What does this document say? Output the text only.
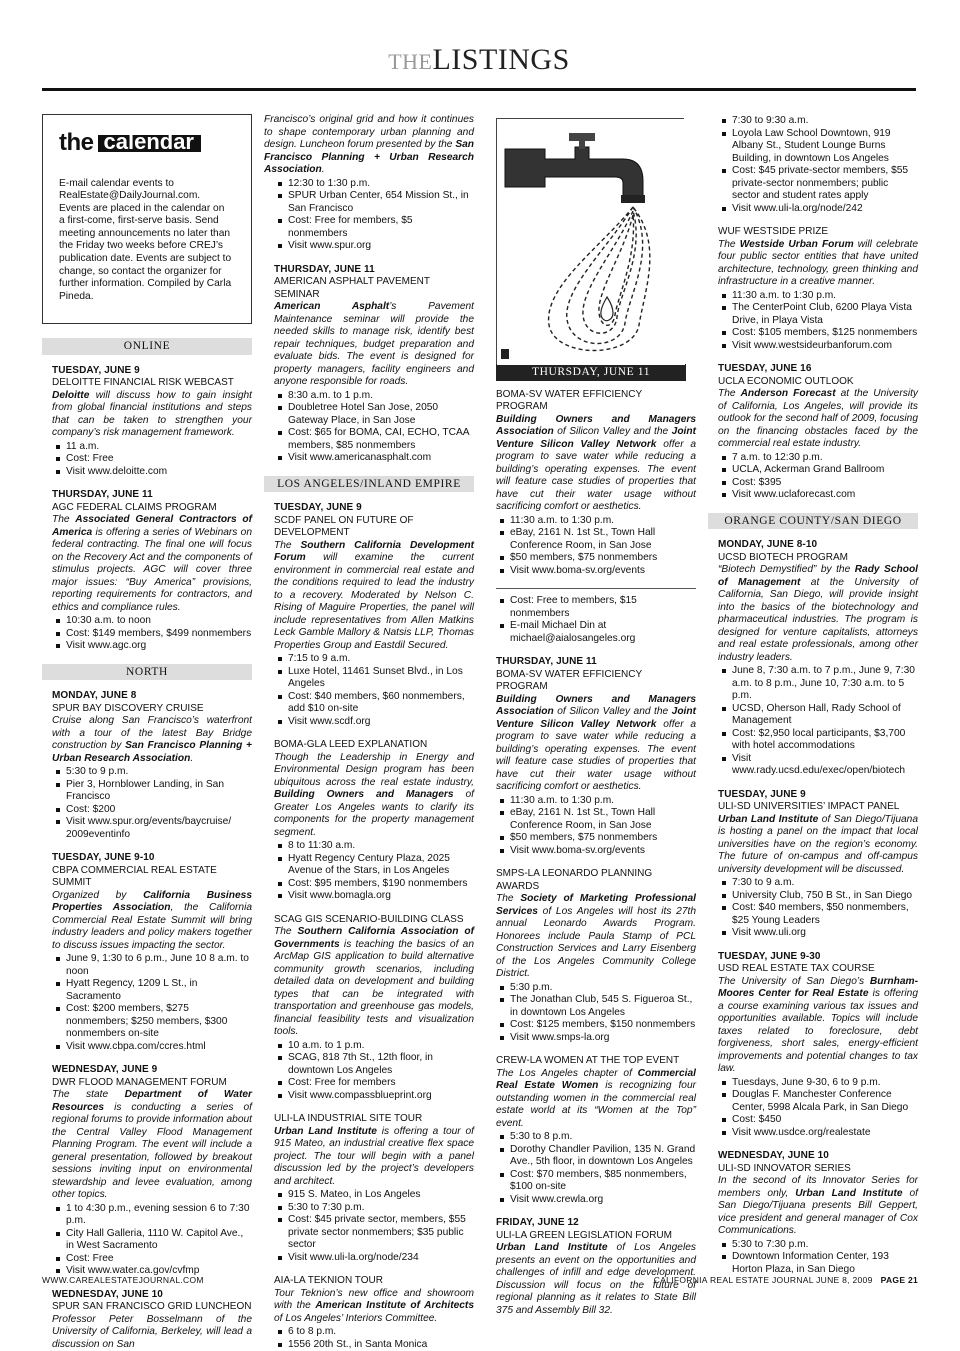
THELISTINGS
the calendar
E-mail calendar events to
RealEstate@DailyJournal.com.
Events are placed in the calendar on
a first-come, first-serve basis. Send
meeting announcements no later than
the Friday two weeks before CREJ’s
publication date. Events are subject to
change, so contact the organizer for
further information. Compiled by Carla
Pineda.
ONLINE
TUESDAY, JUNE 9
DELOITTE FINANCIAL RISK WEBCAST
Deloitte will discuss how to gain insight from global financial institutions and steps that can be taken to strengthen your company’s risk management framework.
11 a.m.
Cost: Free
Visit www.deloitte.com
THURSDAY, JUNE 11
AGC FEDERAL CLAIMS PROGRAM
The Associated General Contractors of America is offering a series of Webinars on federal contracting. The final one will focus on the Recovery Act and the components of stimulus projects. AGC will cover three major issues: “Buy America” provisions, reporting requirements for contractors, and ethics and compliance rules.
10:30 a.m. to noon
Cost: $149 members, $499 nonmembers
Visit www.agc.org
NORTH
MONDAY, JUNE 8
SPUR BAY DISCOVERY CRUISE
Cruise along San Francisco’s waterfront with a tour of the latest Bay Bridge construction by San Francisco Planning + Urban Research Association.
5:30 to 9 p.m.
Pier 3, Hornblower Landing, in San Francisco
Cost: $200
Visit www.spur.org/events/baycruise/  2009eventinfo
TUESDAY, JUNE 9-10
CBPA COMMERCIAL REAL ESTATE SUMMIT
Organized by California Business Properties Association, the California Commercial Real Estate Summit will bring industry leaders and policy makers together to discuss issues impacting the sector.
June 9, 1:30 to 6 p.m., June 10 8 a.m. to noon
Hyatt Regency, 1209 L St., in Sacramento
Cost: $200 members, $275 nonmembers; $250 members, $300 nonmembers on-site
Visit www.cbpa.com/ccres.html
WEDNESDAY, JUNE 9
DWR FLOOD MANAGEMENT FORUM
The state Department of Water Resources is conducting a series of regional forums to provide information about the Central Valley Flood Management Planning Program. The event will include a general presentation, followed by breakout sessions inviting input on environmental stewardship and levee evaluation, among other topics.
1 to 4:30 p.m., evening session 6 to 7:30 p.m.
City Hall Galleria, 1110 W. Capitol Ave., in West Sacramento
Cost: Free
Visit www.water.ca.gov/cvfmp
WEDNESDAY, JUNE 10
SPUR SAN FRANCISCO GRID LUNCHEON
Professor Peter Bosselmann of the University of California, Berkeley, will lead a discussion on San
Francisco’s original grid and how it continues to shape contemporary urban planning and design. Luncheon forum presented by the San Francisco Planning + Urban Research Association.
12:30 to 1:30 p.m.
SPUR Urban Center, 654 Mission St., in San Francisco
Cost: Free for members, $5 nonmembers
Visit www.spur.org
THURSDAY, JUNE 11
AMERICAN ASPHALT PAVEMENT SEMINAR
American Asphalt’s Pavement Maintenance seminar will provide the needed skills to manage risk, identify best repair techniques, budget preparation and evaluate bids. The event is designed for property managers, facility engineers and anyone responsible for roads.
8:30 a.m. to 1 p.m.
Doubletree Hotel San Jose, 2050 Gateway Place, in San Jose
Cost: $65 for BOMA, CAI, ECHO, TCAA members, $85 nonmembers
Visit www.americanasphalt.com
LOS ANGELES/INLAND EMPIRE
TUESDAY, JUNE 9
SCDF PANEL ON FUTURE OF DEVELOPMENT
The Southern California Development Forum will examine the current environment in commercial real estate and the conditions required to lead the industry to a recovery. Moderated by Nelson C. Rising of Maguire Properties, the panel will include representatives from Allen Matkins Leck Gamble Mallory & Natsis LLP, Thomas Properties Group and Eastdil Secured.
7:15 to 9 a.m.
Luxe Hotel, 11461 Sunset Blvd., in Los Angeles
Cost: $40 members, $60 nonmembers, add $10 on-site
Visit www.scdf.org
BOMA-GLA LEED EXPLANATION
Though the Leadership in Energy and Environmental Design program has been ubiquitous across the real estate industry, Building Owners and Managers of Greater Los Angeles wants to clarify its components for the property management segment.
8 to 11:30 a.m.
Hyatt Regency Century Plaza, 2025 Avenue of the Stars, in Los Angeles
Cost: $95 members, $190 nonmembers
Visit www.bomagla.org
SCAG GIS SCENARIO-BUILDING CLASS
The Southern California Association of Governments is teaching the basics of an ArcMap GIS application to build alternative community growth scenarios, including detailed data on development and building types that can be integrated with transportation and greenhouse gas models, financial feasibility tests and visualization tools.
10 a.m. to 1 p.m.
SCAG, 818 7th St., 12th floor, in downtown Los Angeles
Cost: Free for members
Visit www.compassblueprint.org
ULI-LA INDUSTRIAL SITE TOUR
Urban Land Institute is offering a tour of 915 Mateo, an industrial creative flex space project. The tour will begin with a panel discussion led by the project’s developers and architect.
915 S. Mateo, in Los Angeles
5:30 to 7:30 p.m.
Cost: $45 private sector, members, $55 private sector nonmembers; $35 public sector
Visit www.uli-la.org/node/234
AIA-LA TEKNION TOUR
Tour Teknion’s new office and showroom with the American Institute of Architects of Los Angeles’ Interiors Committee.
6 to 8 p.m.
1556 20th St., in Santa Monica
THURSDAY, JUNE 11
BOMA-SV WATER EFFICIENCY PROGRAM
Building Owners and Managers Association of Silicon Valley and the Joint Venture Silicon Valley Network offer a program to save water while reducing a building’s operating expenses. The event will feature case studies of properties that have cut their water usage without sacrificing comfort or aesthetics.
11:30 a.m. to 1:30 p.m.
eBay, 2161 N. 1st St., Town Hall Conference Room, in San Jose
$50 members, $75 nonmembers
Visit www.boma-sv.org/events
Cost: Free to members, $15 nonmembers
E-mail Michael Din at michael@aialosangeles.org
THURSDAY, JUNE 11
BOMA-SV WATER EFFICIENCY PROGRAM
Building Owners and Managers Association of Silicon Valley and the Joint Venture Silicon Valley Network offer a program to save water while reducing a building’s operating expenses. The event will feature case studies of properties that have cut their water usage without sacrificing comfort or aesthetics.
11:30 a.m. to 1:30 p.m.
eBay, 2161 N. 1st St., Town Hall Conference Room, in San Jose
$50 members, $75 nonmembers
Visit www.boma-sv.org/events
SMPS-LA LEONARDO PLANNING AWARDS
The Society of Marketing Professional Services of Los Angeles will host its 27th annual Leonardo Awards Program. Honorees include Paula Stamp of PCL Construction Services and Larry Eisenberg of the Los Angeles Community College District.
5:30 p.m.
The Jonathan Club, 545 S. Figueroa St., in downtown Los Angeles
Cost: $125 members, $150 nonmembers
Visit www.smps-la.org
CREW-LA WOMEN AT THE TOP EVENT
The Los Angeles chapter of Commercial Real Estate Women is recognizing four outstanding women in the commercial real estate world at its “Women at the Top” event.
5:30 to 8 p.m.
Dorothy Chandler Pavilion, 135 N. Grand Ave., 5th floor, in downtown Los Angeles
Cost: $70 members, $85 nonmembers, $100 on-site
Visit www.crewla.org
FRIDAY, JUNE 12
ULI-LA GREEN LEGISLATION FORUM
Urban Land Institute of Los Angeles presents an event on the opportunities and challenges of infill and edge development. Discussion will focus on the future of regional planning as it relates to State Bill 375 and Assembly Bill 32.
7:30 to 9:30 a.m.
Loyola Law School Downtown, 919 Albany St., Student Lounge Burns Building, in downtown Los Angeles
Cost: $45 private-sector members, $55 private-sector nonmembers; public sector and student rates apply
Visit www.uli-la.org/node/242
WUF WESTSIDE PRIZE
The Westside Urban Forum will celebrate four public sector entities that have united architecture, technology, green thinking and infrastructure in a creative manner.
11:30 a.m. to 1:30 p.m.
The CenterPoint Club, 6200 Playa Vista Drive, in Playa Vista
Cost: $105 members, $125 nonmembers
Visit www.westsideurbanforum.com
TUESDAY, JUNE 16
UCLA ECONOMIC OUTLOOK
The Anderson Forecast at the University of California, Los Angeles, will provide its outlook for the second half of 2009, focusing on the financing obstacles faced by the commercial real estate industry.
7 a.m. to 12:30 p.m.
UCLA, Ackerman Grand Ballroom
Cost: $395
Visit www.uclaforecast.com
ORANGE COUNTY/SAN DIEGO
MONDAY, JUNE 8-10
UCSD BIOTECH PROGRAM
“Biotech Demystified” by the Rady School of Management at the University of California, San Diego, will provide insight into the basics of the biotechnology and pharmaceutical industries. The program is designed for venture capitalists, attorneys and real estate professionals, among other industry leaders.
June 8, 7:30 a.m. to 7 p.m., June 9, 7:30 a.m. to 8 p.m., June 10, 7:30 a.m. to 5 p.m.
UCSD, Oherson Hall, Rady School of Management
Cost: $2,950 local participants, $3,700 with hotel accommodations
Visit www.rady.ucsd.edu/exec/open/biotech
TUESDAY, JUNE 9
ULI-SD UNIVERSITIES’ IMPACT PANEL
Urban Land Institute of San Diego/Tijuana is hosting a panel on the impact that local universities have on the region’s economy. The future of on-campus and off-campus university development will be discussed.
7:30 to 9 a.m.
University Club, 750 B St., in San Diego
Cost: $40 members, $50 nonmembers, $25 Young Leaders
Visit www.uli.org
TUESDAY, JUNE 9-30
USD REAL ESTATE TAX COURSE
The University of San Diego’s Burnham-Moores Center for Real Estate is offering a course examining various tax issues and opportunities available. Topics will include taxes related to foreclosure, debt forgiveness, short sales, energy-efficient improvements and potential changes to tax law.
Tuesdays, June 9-30, 6 to 9 p.m.
Douglas F. Manchester Conference Center, 5998 Alcala Park, in San Diego
Cost: $450
Visit www.usdce.org/realestate
WEDNESDAY, JUNE 10
ULI-SD INNOVATOR SERIES
In the second of its Innovator Series for members only, Urban Land Institute of San Diego/Tijuana presents Bill Geppert, vice president and general manager of Cox Communications.
5:30 to 7:30 p.m.
Downtown Information Center, 193 Horton Plaza, in San Diego
WWW.CAREALESTATEJOURNAL.COM	CALIFORNIA REAL ESTATE JOURNAL JUNE 8, 2009 PAGE 21
